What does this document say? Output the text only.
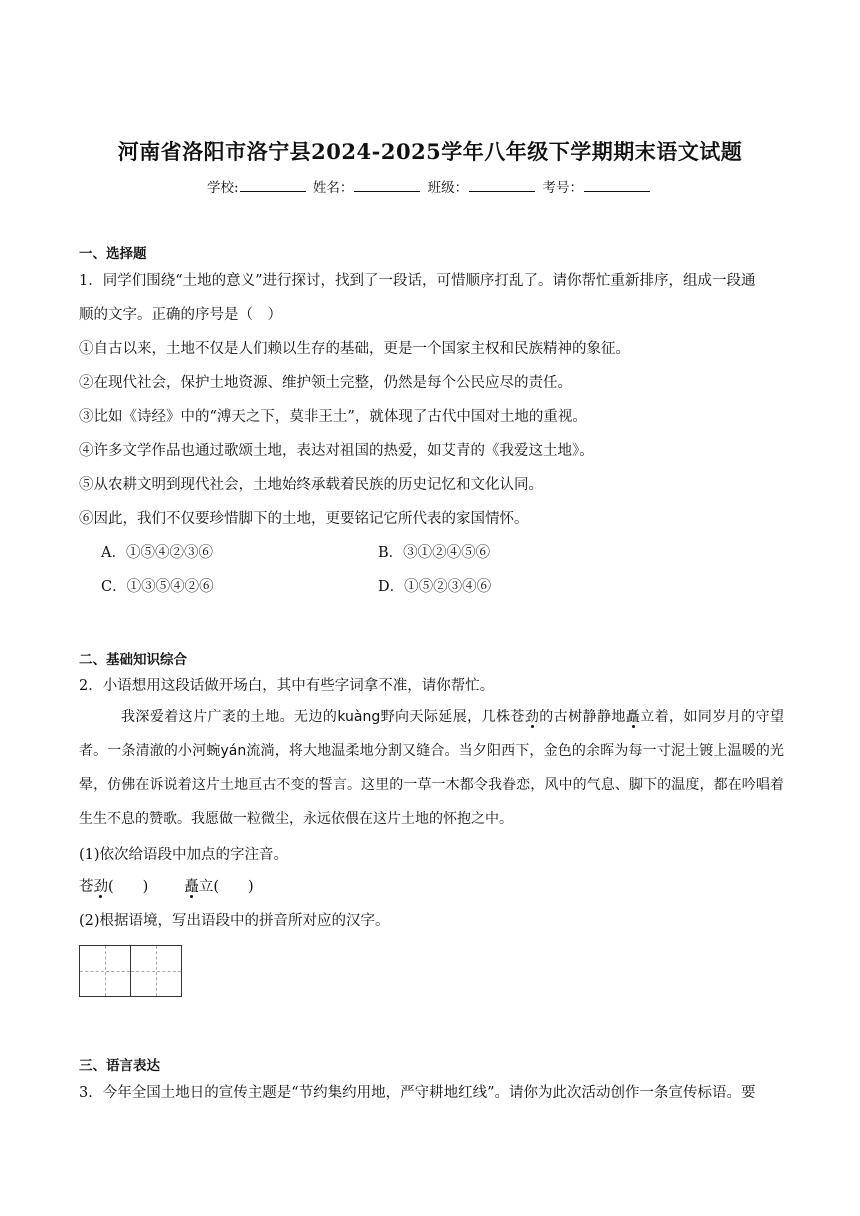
河南省洛阳市洛宁县2024-2025学年八年级下学期期末语文试题
学校:	姓名：	班级：	考号：
一、选择题
1．同学们围绕“土地的意义”进行探讨，找到了一段话，可惜顺序打乱了。请你帮忙重新排序，组成一段通
顺的文字。正确的序号是（　）
①自古以来，土地不仅是人们赖以生存的基础，更是一个国家主权和民族精神的象征。
②在现代社会，保护土地资源、维护领土完整，仍然是每个公民应尽的责任。
③比如《诗经》中的“溥天之下，莫非王土”，就体现了古代中国对土地的重视。
④许多文学作品也通过歌颂土地，表达对祖国的热爱，如艾青的《我爱这土地》。
⑤从农耕文明到现代社会，土地始终承载着民族的历史记忆和文化认同。
⑥因此，我们不仅要珍惜脚下的土地，更要铭记它所代表的家国情怀。
A．①⑤④②③⑥	B．③①②④⑤⑥
C．①③⑤④②⑥	D．①⑤②③④⑥
二、基础知识综合
2．小语想用这段话做开场白，其中有些字词拿不准，请你帮忙。
我深爱着这片广袤的土地。无边的kuàng野向天际延展，几株苍劲的古树静静地矗立着，如同岁月的守望者。一条清澈的小河蜿yán流淌，将大地温柔地分割又缝合。当夕阳西下，金色的余晖为每一寸泥土镀上温暖的光晕，仿佛在诉说着这片土地亘古不变的誓言。这里的一草一木都令我眷恋，风中的气息、脚下的温度，都在吟唱着生生不息的赞歌。我愿做一粒微尘，永远依偎在这片土地的怀抱之中。
(1)依次给语段中加点的字注音。
苍劲(　　) 矗立(　　)
(2)根据语境，写出语段中的拼音所对应的汉字。
三、语言表达
3．今年全国土地日的宣传主题是“节约集约用地，严守耕地红线”。请你为此次活动创作一条宣传标语。要
